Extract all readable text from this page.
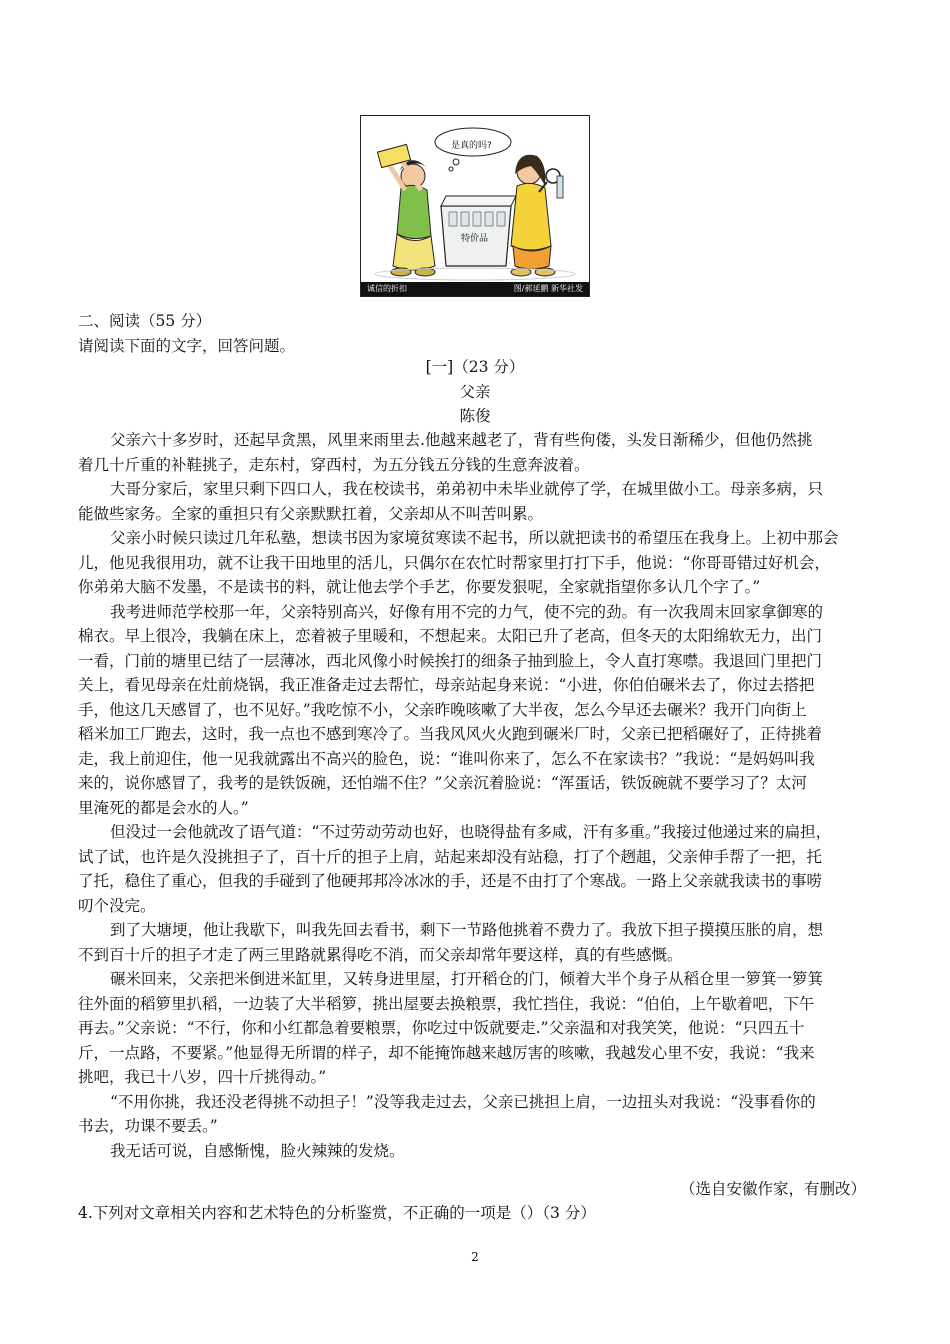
是真的吗?
特价品
诚信的折扣	图/郝延鹏 新华社发
二、阅读（55 分）
请阅读下面的文字，回答问题。
[一]（23 分）
父亲
陈俊

父亲六十多岁时，还起早贪黑，风里来雨里去.他越来越老了，背有些佝偻，头发日渐稀少，但他仍然挑
着几十斤重的补鞋挑子，走东村，穿西村，为五分钱五分钱的生意奔波着。

大哥分家后，家里只剩下四口人，我在校读书，弟弟初中未毕业就停了学，在城里做小工。母亲多病，只
能做些家务。全家的重担只有父亲默默扛着，父亲却从不叫苦叫累。

父亲小时候只读过几年私塾，想读书因为家境贫寒读不起书，所以就把读书的希望压在我身上。上初中那会
儿，他见我很用功，就不让我干田地里的活儿，只偶尔在农忙时帮家里打打下手，他说：“你哥哥错过好机会，
你弟弟大脑不发墨，不是读书的料，就让他去学个手艺，你要发狠呢，全家就指望你多认几个字了。”

我考进师范学校那一年，父亲特别高兴，好像有用不完的力气，使不完的劲。有一次我周末回家拿御寒的
棉衣。早上很冷，我躺在床上，恋着被子里暖和，不想起来。太阳已升了老高，但冬天的太阳绵软无力，出门
一看，门前的塘里已结了一层薄冰，西北风像小时候挨打的细条子抽到脸上，令人直打寒噤。我退回门里把门
关上，看见母亲在灶前烧锅，我正准备走过去帮忙，母亲站起身来说：“小进，你伯伯碾米去了，你过去搭把
手，他这几天感冒了，也不见好。”我吃惊不小，父亲昨晚咳嗽了大半夜，怎么今早还去碾米？我开门向街上
稻米加工厂跑去，这时，我一点也不感到寒冷了。当我风风火火跑到碾米厂时，父亲已把稻碾好了，正待挑着
走，我上前迎住，他一见我就露出不高兴的脸色，说：“谁叫你来了，怎么不在家读书？”我说：“是妈妈叫我
来的，说你感冒了，我考的是铁饭碗，还怕端不住？”父亲沉着脸说：“浑蛋话，铁饭碗就不要学习了？太河
里淹死的都是会水的人。”

但没过一会他就改了语气道：“不过劳动劳动也好，也晓得盐有多咸，汗有多重。”我接过他递过来的扁担，
试了试，也许是久没挑担子了，百十斤的担子上肩，站起来却没有站稳，打了个趔趄，父亲伸手帮了一把，托
了托，稳住了重心，但我的手碰到了他硬邦邦冷冰冰的手，还是不由打了个寒战。一路上父亲就我读书的事唠
叨个没完。

到了大塘埂，他让我歇下，叫我先回去看书，剩下一节路他挑着不费力了。我放下担子摸摸压胀的肩，想
不到百十斤的担子才走了两三里路就累得吃不消，而父亲却常年要这样，真的有些感慨。

碾米回来，父亲把米倒进米缸里，又转身进里屋，打开稻仓的门，倾着大半个身子从稻仓里一箩箕一箩箕
往外面的稻箩里扒稻，一边装了大半稻箩，挑出屋要去换粮票，我忙挡住，我说：“伯伯，上午歇着吧，下午
再去。”父亲说：“不行，你和小红都急着要粮票，你吃过中饭就要走.”父亲温和对我笑笑，他说：“只四五十
斤，一点路，不要紧。”他显得无所谓的样子，却不能掩饰越来越厉害的咳嗽，我越发心里不安，我说：“我来
挑吧，我已十八岁，四十斤挑得动。”

“不用你挑，我还没老得挑不动担子！”没等我走过去，父亲已挑担上肩，一边扭头对我说：“没事看你的
书去，功课不要丢。”

我无话可说，自感惭愧，脸火辣辣的发烧。

（选自安徽作家，有删改）
4.下列对文章相关内容和艺术特色的分析鉴赏，不正确的一项是（）（3 分）
2
